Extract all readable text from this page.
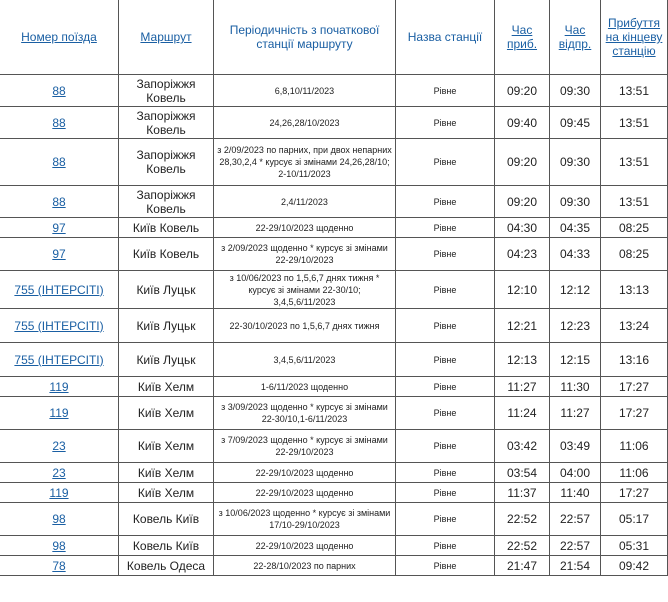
Номер поїзда	Маршрут	Періодичність з початкової станції маршруту	Назва станції	Час приб.	Час відпр.	Прибуття на кінцеву станцію
88	Запоріжжя Ковель	6,8,10/11/2023	Рівне	09:20	09:30	13:51
88	Запоріжжя Ковель	24,26,28/10/2023	Рівне	09:40	09:45	13:51
88	Запоріжжя Ковель	з 2/09/2023 по парних, при двох непарних 28,30,2,4 * курсує зі змінами 24,26,28/10; 2-10/11/2023	Рівне	09:20	09:30	13:51
88	Запоріжжя Ковель	2,4/11/2023	Рівне	09:20	09:30	13:51
97	Київ Ковель	22-29/10/2023 щоденно	Рівне	04:30	04:35	08:25
97	Київ Ковель	з 2/09/2023 щоденно * курсує зі змінами 22-29/10/2023	Рівне	04:23	04:33	08:25
755 (ІНТЕРСІТІ)	Київ Луцьк	з 10/06/2023 по 1,5,6,7 днях тижня * курсує зі змінами 22-30/10; 3,4,5,6/11/2023	Рівне	12:10	12:12	13:13
755 (ІНТЕРСІТІ)	Київ Луцьк	22-30/10/2023 по 1,5,6,7 днях тижня	Рівне	12:21	12:23	13:24
755 (ІНТЕРСІТІ)	Київ Луцьк	3,4,5,6/11/2023	Рівне	12:13	12:15	13:16
119	Київ Хелм	1-6/11/2023 щоденно	Рівне	11:27	11:30	17:27
119	Київ Хелм	з 3/09/2023 щоденно * курсує зі змінами 22-30/10,1-6/11/2023	Рівне	11:24	11:27	17:27
23	Київ Хелм	з 7/09/2023 щоденно * курсує зі змінами 22-29/10/2023	Рівне	03:42	03:49	11:06
23	Київ Хелм	22-29/10/2023 щоденно	Рівне	03:54	04:00	11:06
119	Київ Хелм	22-29/10/2023 щоденно	Рівне	11:37	11:40	17:27
98	Ковель Київ	з 10/06/2023 щоденно * курсує зі змінами 17/10-29/10/2023	Рівне	22:52	22:57	05:17
98	Ковель Київ	22-29/10/2023 щоденно	Рівне	22:52	22:57	05:31
78	Ковель Одеса	22-28/10/2023 по парних	Рівне	21:47	21:54	09:42
